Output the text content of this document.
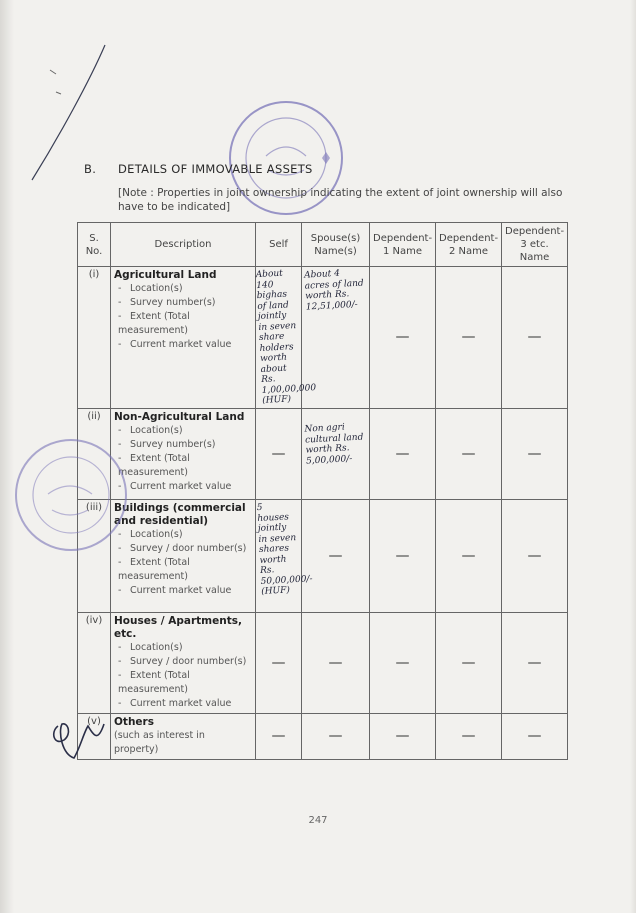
B. DETAILS OF IMMOVABLE ASSETS
[Note : Properties in joint ownership indicating the extent of joint ownership will also have to be indicated]
S. No.	Description	Self	Spouse(s) Name(s)	Dependent-1 Name	Dependent-2 Name	Dependent-3 etc. Name
(i)	Agricultural Land
- Location(s)
- Survey number(s)
- Extent (Total measurement)
- Current market value	About 140 bighas of land jointly in seven share holders worth about Rs. 1,00,00,000 (HUF)	About 4 acres of land worth Rs. 12,51,000/-	—	—	—
(ii)	Non-Agricultural Land
- Location(s)
- Survey number(s)
- Extent (Total measurement)
- Current market value	—	Non agri cultural land worth Rs. 5,00,000/-	—	—	—
(iii)	Buildings (commercial and residential)
- Location(s)
- Survey / door number(s)
- Extent (Total measurement)
- Current market value	5 houses jointly in seven shares worth Rs. 50,00,000/- (HUF)	—	—	—	—
(iv)	Houses / Apartments, etc.
- Location(s)
- Survey / door number(s)
- Extent (Total measurement)
- Current market value	—	—	—	—	—
(v)	Others
(such as interest in property)	—	—	—	—	—
247
